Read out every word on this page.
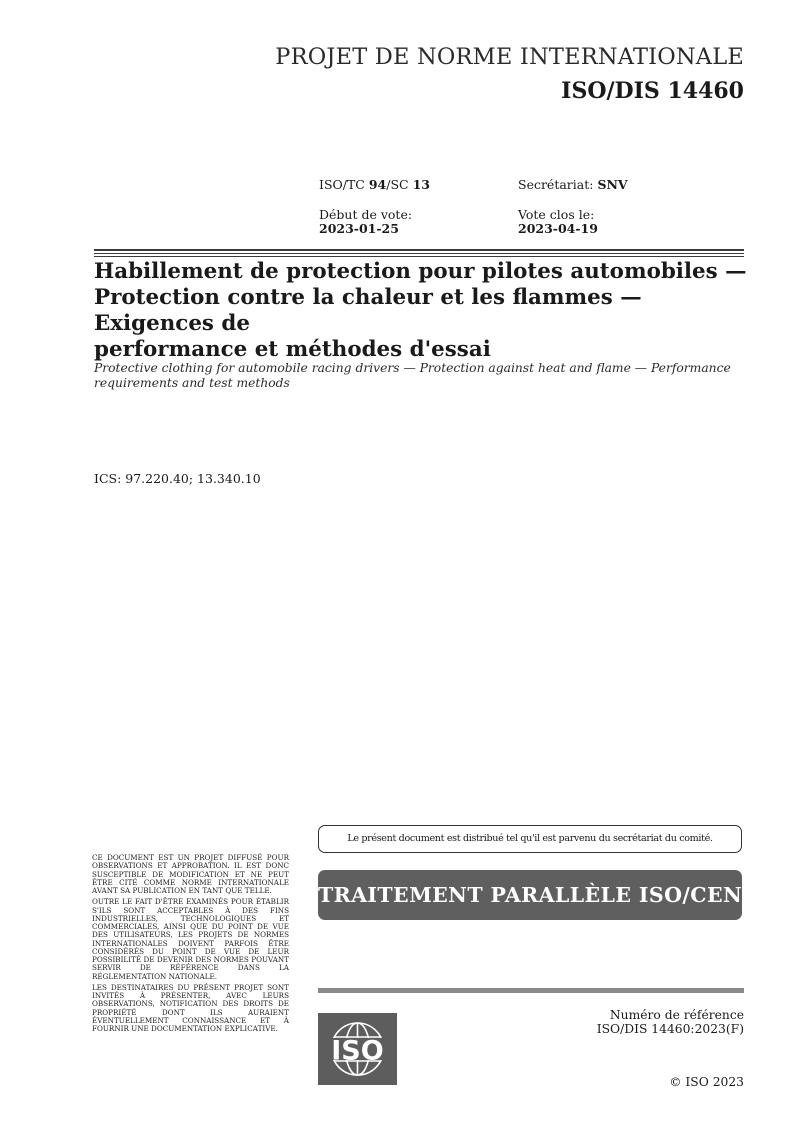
PROJET DE NORME INTERNATIONALE
ISO/DIS 14460
ISO/TC 94/SC 13	Secrétariat: SNV
Début de vote:
2023-01-25
Vote clos le:
2023-04-19
Habillement de protection pour pilotes automobiles —
Protection contre la chaleur et les flammes — Exigences de
performance et méthodes d'essai
Protective clothing for automobile racing drivers — Protection against heat and flame — Performance requirements and test methods
ICS: 97.220.40; 13.340.10
Le présent document est distribué tel qu'il est parvenu du secrétariat du comité.
TRAITEMENT PARALLÈLE ISO/CEN

CE DOCUMENT EST UN PROJET DIFFUSÉ POUR OBSERVATIONS ET APPROBATION. IL EST DONC SUSCEPTIBLE DE MODIFICATION ET NE PEUT ÊTRE CITÉ COMME NORME INTERNATIONALE AVANT SA PUBLICATION EN TANT QUE TELLE.

OUTRE LE FAIT D'ÊTRE EXAMINÉS POUR ÉTABLIR S'ILS SONT ACCEPTABLES À DES FINS INDUSTRIELLES, TECHNOLOGIQUES ET COMMERCIALES, AINSI QUE DU POINT DE VUE DES UTILISATEURS, LES PROJETS DE NORMES INTERNATIONALES DOIVENT PARFOIS ÊTRE CONSIDÉRÉS DU POINT DE VUE DE LEUR POSSIBILITÉ DE DEVENIR DES NORMES POUVANT SERVIR DE RÉFÉRENCE DANS LA RÉGLEMENTATION NATIONALE.

LES DESTINATAIRES DU PRÉSENT PROJET SONT INVITÉS À PRÉSENTER, AVEC LEURS OBSERVATIONS, NOTIFICATION DES DROITS DE PROPRIÉTÉ DONT ILS AURAIENT ÉVENTUELLEMENT CONNAISSANCE ET À FOURNIR UNE DOCUMENTATION EXPLICATIVE.

ISO
Numéro de référence
ISO/DIS 14460:2023(F)
© ISO 2023
